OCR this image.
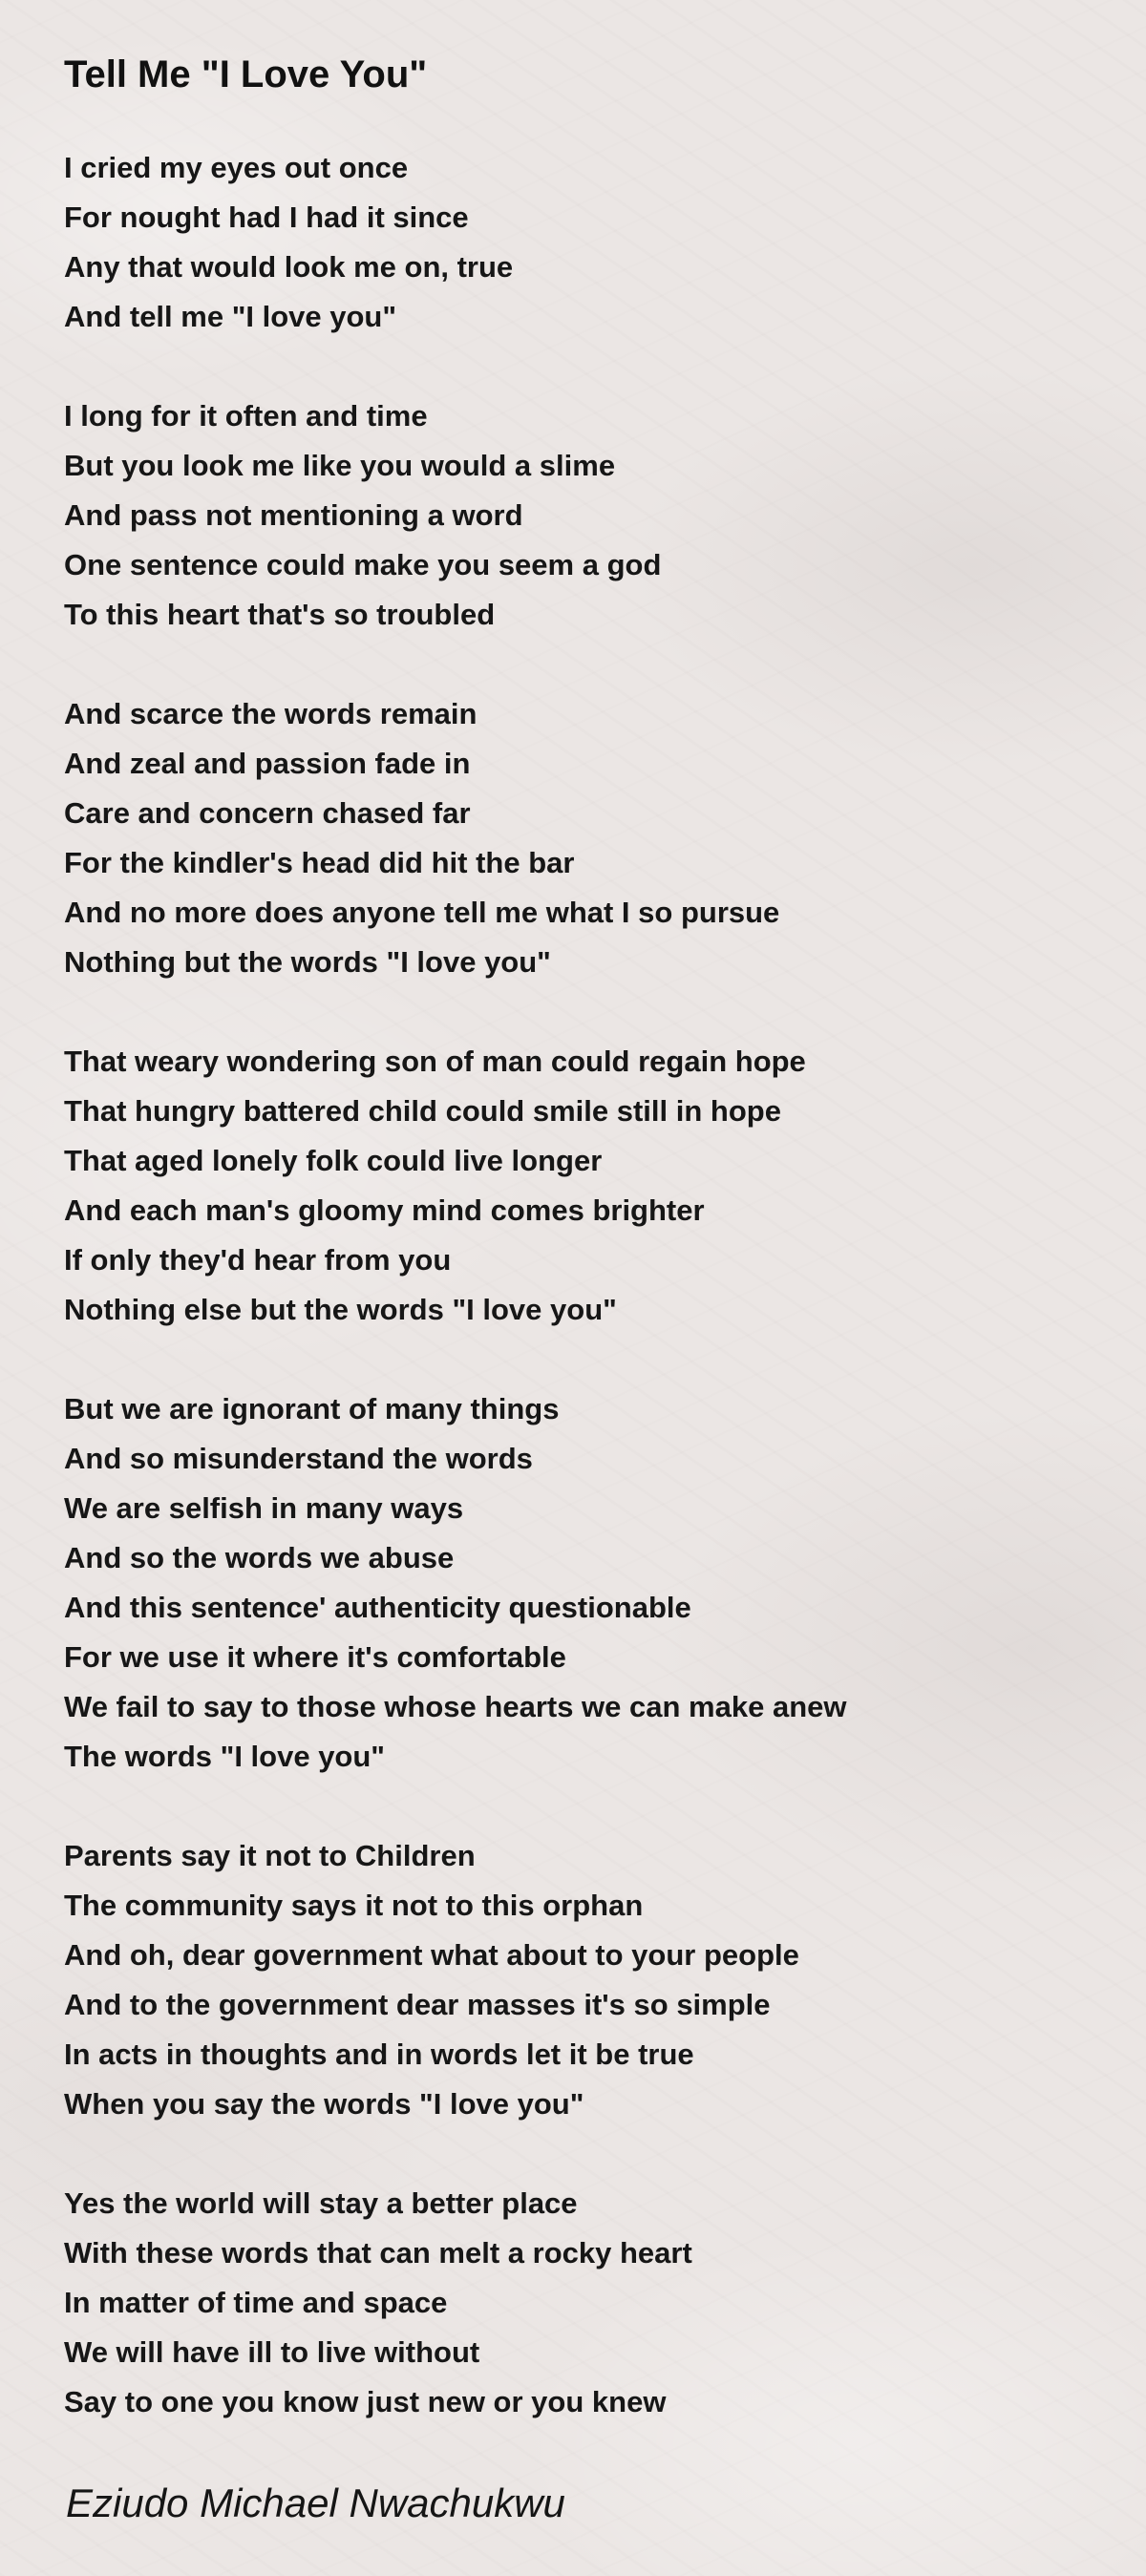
Tell Me "I Love You"
I cried my eyes out once
For nought had I had it since
Any that would look me on, true
And tell me "I love you"
I long for it often and time
But you look me like you would a slime
And pass not mentioning a word
One sentence could make you seem a god
To this heart that's so troubled
And scarce the words remain
And zeal and passion fade in
Care and concern chased far
For the kindler's head did hit the bar
And no more does anyone tell me what I so pursue
Nothing but the words "I love you"
That weary wondering son of man could regain hope
That hungry battered child could smile still in hope
That aged lonely folk could live longer
And each man's gloomy mind comes brighter
If only they'd hear from you
Nothing else but the words "I love you"
But we are ignorant of many things
And so misunderstand the words
We are selfish in many ways
And so the words we abuse
And this sentence' authenticity questionable
For we use it where it's comfortable
We fail to say to those whose hearts we can make anew
The words "I love you"
Parents say it not to Children
The community says it not to this orphan
And oh, dear government what about to your people
And to the government dear masses it's so simple
In acts in thoughts and in words let it be true
When you say the words "I love you"
Yes the world will stay a better place
With these words that can melt a rocky heart
In matter of time and space
We will have ill to live without
Say to one you know just new or you knew

Eziudo Michael Nwachukwu
